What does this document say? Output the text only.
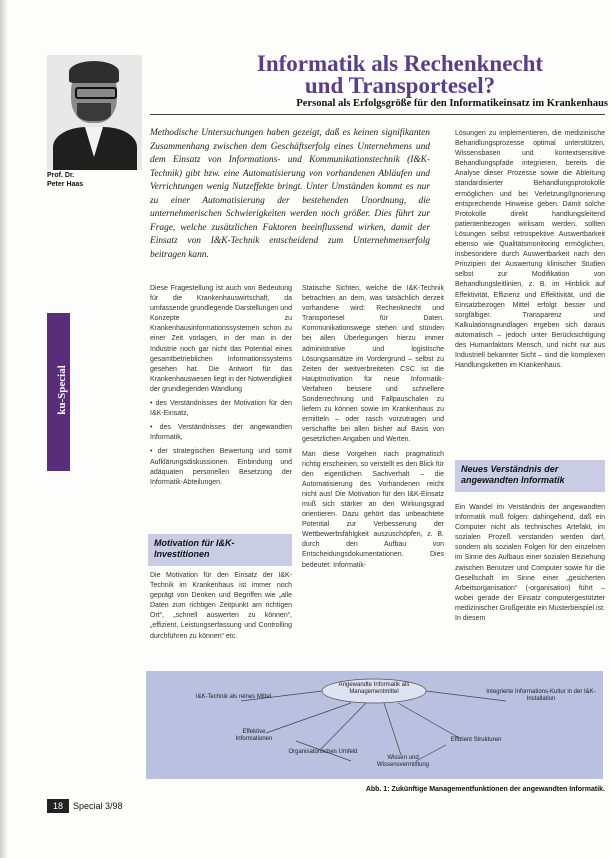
Prof. Dr.
Peter Haas
Informatik als Rechenknecht
und Transportesel?
Personal als Erfolgsgröße für den Informatikeinsatz im Krankenhaus
Methodische Untersuchungen haben gezeigt, daß es keinen signifikanten Zusammenhang zwischen dem Geschäftserfolg eines Unternehmens und dem Einsatz von Informations- und Kommunikationstechnik (I&K-Technik) gibt bzw. eine Automatisierung von vorhandenen Abläufen und Verrichtungen wenig Nutzeffekte bringt. Unter Umständen kommt es nur zu einer Automatisierung der bestehenden Unordnung, die unternehmerischen Schwierigkeiten werden noch größer. Dies führt zur Frage, welche zusätzlichen Faktoren beeinflussend wirken, damit der Einsatz von I&K-Technik entscheidend zum Unternehmenserfolg beitragen kann.
ku-Special

Diese Fragestellung ist auch von Bedeutung für die Krankenhauswirtschaft, da umfassende grundlegende Darstellungen und Konzepte zu Krankenhausinformationssystemen schon zu einer Zeit vorlagen, in der man in der Industrie noch gar nicht das Potential eines gesamtbetrieblichen Informationssystems gesehen hat. Die Antwort für das Krankenhauswesen liegt in der Notwendigkeit der grundlegenden Wandlung

• des Verständnisses der Motivation für den I&K-Einsatz,

• des Verständnisses der angewandten Informatik,

• der strategischen Bewertung und somit Aufklärungsdiskussionen. Einbindung und adäquaten personellen Besetzung der Informatik-Abteilungen.

Motivation für I&K-Investitionen

Die Motivation für den Einsatz der I&K-Technik im Krankenhaus ist immer noch geprägt von Denken und Begriffen wie „alle Daten zum richtigen Zeitpunkt am richtigen Ort“, „schnell auswerten zu können“, „effizient, Leistungserfassung und Controlling durchführen zu können“ etc.

Statische Sichten, welche die I&K-Technik betrachten an dem, was tatsächlich derzeit vorhandene wird: Rechenknecht und Transportesel für Daten. Kommunikationswege stehen und stünden bei allen Überlegungen hierzu immer administrative und logistische Lösungsansätze im Vordergrund – selbst zu Zeiten der weitverbreiteten CSC ist die Hauptmotivation für neue Informatik-Verfahren bessere und schnellere Sonderrechnung und Fallpauschalen zu liefern zu können sowie im Krankenhaus zu ermitteln – oder rasch vorzutragen und verschaffte bei allen bisher auf Basis von gesetzlichen Angaben und Werten.

Man diese Vorgehen nach pragmatisch richtig erscheinen, so verstellt es den Blick für den eigentlichen Sachverhalt – die Automatisierung des Vorhandenen reicht nicht aus! Die Motivation für den I&K-Einsatz muß sich stärker an den Wirkungsgrad orientieren. Dazu gehört das unbeachtete Potential zur Verbesserung der Wettbewerbsfähigkeit auszuschöpfen, z. B. durch den Aufbau von Entscheidungsdokumentationen. Dies bedeutet: Informatik-

Lösungen zu implementieren, die medizinische Behandlungsprozesse optimal unterstützen, Wissensbasen und kontextsensitive Behandlungspfade integrieren, bereits die Analyse dieser Prozesse sowie die Ableitung standardisierter Behandlungsprotokolle ermöglichen und bei Verletzung/Ignorierung entsprechende Hinweise geben. Damit solche Protokolle direkt handlungsleitend patientenbezogen wirksam werden, sollten Lösungen selbst retrospektive Auswertbarkeit ebenso wie Qualitätsmonitoring ermöglichen, insbesondere durch Auswertbarkeit nach den Prinzipien der Auswertung klinischer Studien selbst zur Modifikation von Behandlungsleitlinien, z. B. im Hinblick auf Effektivität, Effizienz und Effektivität, und die Einsatzbezogen Mittel erfolgt besser und sorgfältiger. Transparenz und Kalkulationsgrundlagen ergeben sich daraus automatisch – jedoch unter Berücksichtigung des Humanfaktors Mensch, und nicht nur aus Industriell bekannter Sicht – sind die komplexen Handlungsketten im Krankenhaus.

Neues Verständnis der angewandten Informatik

Ein Wandel im Verständnis der angewandten Informatik muß folgen: dahingehend, daß ein Computer nicht als technisches Artefakt, im sozialen Prozeß verstanden werden darf, sondern als sozialen Folgen für den einzelnen im Sinne des Aufbaus einer sozialen Beziehung zwischen Benutzer und Computer sowie für die Gesellschaft im Sinne einer „gesicherten Arbeitsorganisation“ (-organisation) führt – wobei gerade der Einsatz computergestützter medizinischer Großgeräte ein Musterbeispiel ist. In diesem

Angewandte Informatik als Managementmittel
I&K-Technik als reines Mittel
Integrierte Informations-Kultur in der I&K-Installation
Effektive Informationen
Organisatorisches Umfeld
Wissen und Wissensvermittlung
Effizient Strukturen
Abb. 1: Zukünftige Managementfunktionen der angewandten Informatik.
18	Special 3/98
